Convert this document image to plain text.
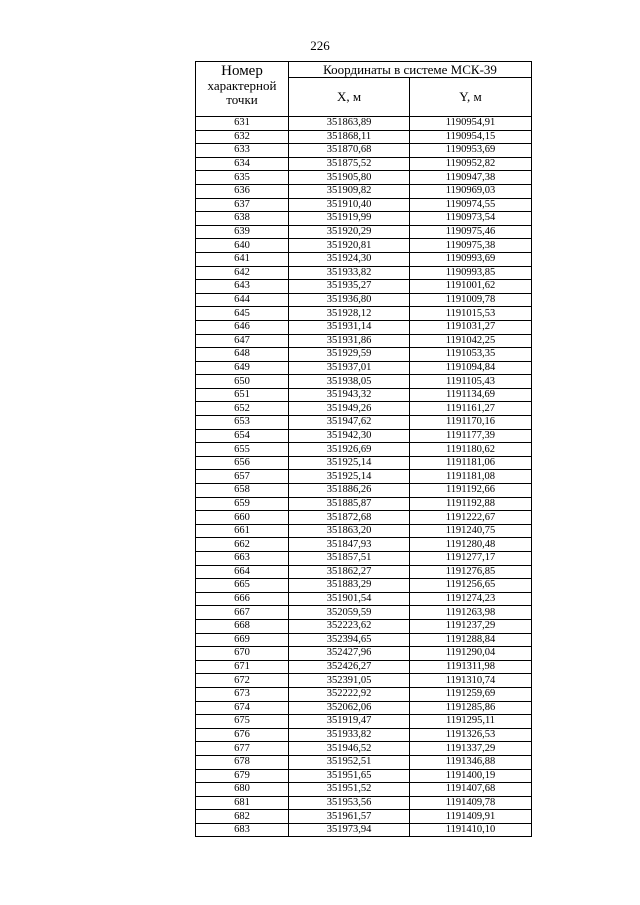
226
Номер
характерной точки	Координаты в системе МСК-39	
	X, м	Y, м
631	351863,89	1190954,91
632	351868,11	1190954,15
633	351870,68	1190953,69
634	351875,52	1190952,82
635	351905,80	1190947,38
636	351909,82	1190969,03
637	351910,40	1190974,55
638	351919,99	1190973,54
639	351920,29	1190975,46
640	351920,81	1190975,38
641	351924,30	1190993,69
642	351933,82	1190993,85
643	351935,27	1191001,62
644	351936,80	1191009,78
645	351928,12	1191015,53
646	351931,14	1191031,27
647	351931,86	1191042,25
648	351929,59	1191053,35
649	351937,01	1191094,84
650	351938,05	1191105,43
651	351943,32	1191134,69
652	351949,26	1191161,27
653	351947,62	1191170,16
654	351942,30	1191177,39
655	351926,69	1191180,62
656	351925,14	1191181,06
657	351925,14	1191181,08
658	351886,26	1191192,66
659	351885,87	1191192,88
660	351872,68	1191222,67
661	351863,20	1191240,75
662	351847,93	1191280,48
663	351857,51	1191277,17
664	351862,27	1191276,85
665	351883,29	1191256,65
666	351901,54	1191274,23
667	352059,59	1191263,98
668	352223,62	1191237,29
669	352394,65	1191288,84
670	352427,96	1191290,04
671	352426,27	1191311,98
672	352391,05	1191310,74
673	352222,92	1191259,69
674	352062,06	1191285,86
675	351919,47	1191295,11
676	351933,82	1191326,53
677	351946,52	1191337,29
678	351952,51	1191346,88
679	351951,65	1191400,19
680	351951,52	1191407,68
681	351953,56	1191409,78
682	351961,57	1191409,91
683	351973,94	1191410,10
